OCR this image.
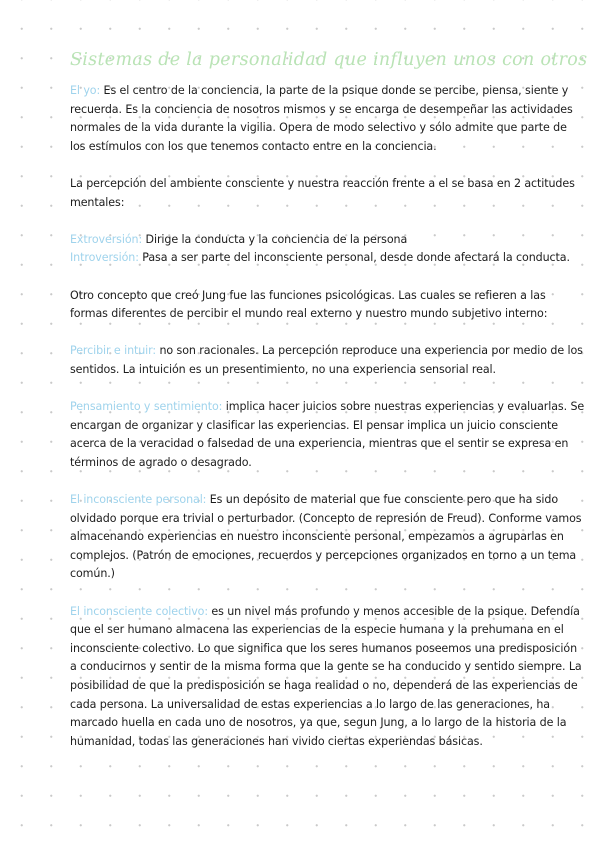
Sistemas de la personalidad que influyen unos con otros

El yo: Es el centro de la conciencia, la parte de la psique donde se percibe, piensa, siente y recuerda. Es la conciencia de nosotros mismos y se encarga de desempeñar las actividades normales de la vida durante la vigilia. Opera de modo selectivo y sólo admite que parte de los estímulos con los que tenemos contacto entre en la conciencia.

La percepción del ambiente consciente y nuestra reacción frente a el se basa en 2 actitudes mentales:

Extroversión: Dirige la conducta y la conciencia de la persona

Introversión: Pasa a ser parte del inconsciente personal, desde donde afectará la conducta.

Otro concepto que creó Jung fue las funciones psicológicas. Las cuales se refieren a las formas diferentes de percibir el mundo real externo y nuestro mundo subjetivo interno:

Percibir e intuir: no son racionales. La percepción reproduce una experiencia por medio de los sentidos. La intuición es un presentimiento, no una experiencia sensorial real.

Pensamiento y sentimiento: implica hacer juicios sobre nuestras experiencias y evaluarlas. Se encargan de organizar y clasificar las experiencias. El pensar implica un juicio consciente acerca de la veracidad o falsedad de una experiencia, mientras que el sentir se expresa en términos de agrado o desagrado.

El inconsciente personal: Es un depósito de material que fue consciente pero que ha sido olvidado porque era trivial o perturbador. (Concepto de represión de Freud). Conforme vamos almacenando experiencias en nuestro inconsciente personal, empezamos a agruparlas en complejos. (Patrón de emociones, recuerdos y percepciones organizados en torno a un tema común.)

El inconsciente colectivo: es un nivel más profundo y menos accesible de la psique. Defendía que el ser humano almacena las experiencias de la especie humana y la prehumana en el inconsciente colectivo. Lo que significa que los seres humanos poseemos una predisposición a conducirnos y sentir de la misma forma que la gente se ha conducido y sentido siempre. La posibilidad de que la predisposición se haga realidad o no, dependerá de las experiencias de cada persona. La universalidad de estas experiencias a lo largo de las generaciones, ha marcado huella en cada uno de nosotros, ya que, segun Jung, a lo largo de la historia de la humanidad, todas las generaciones han vivido ciertas experiendas básicas.
